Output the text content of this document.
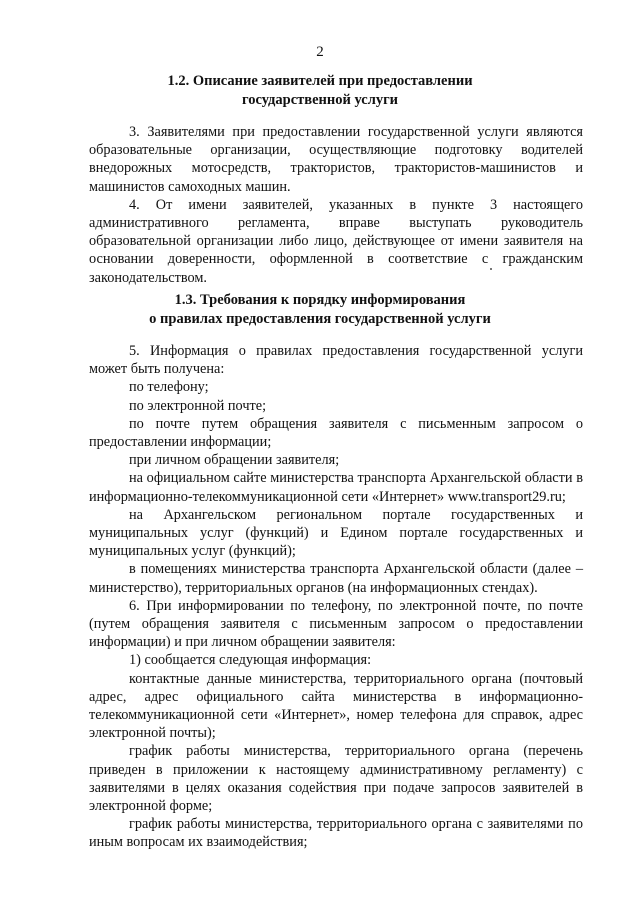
2
1.2. Описание заявителей при предоставлении
государственной услуги

3. Заявителями при предоставлении государственной услуги являются образовательные организации, осуществляющие подготовку водителей внедорожных мотосредств, трактористов, трактористов-машинистов и машинистов самоходных машин.

4. От имени заявителей, указанных в пункте 3 настоящего административного регламента, вправе выступать руководитель образовательной организации либо лицо, действующее от имени заявителя на основании доверенности, оформленной в соответствие с гражданским законодательством.

1.3. Требования к порядку информирования
о правилах предоставления государственной услуги

5. Информация о правилах предоставления государственной услуги может быть получена:

по телефону;

по электронной почте;

по почте путем обращения заявителя с письменным запросом о предоставлении информации;

при личном обращении заявителя;

на официальном сайте министерства транспорта Архангельской области в информационно-телекоммуникационной сети «Интернет» www.transport29.ru;

на Архангельском региональном портале государственных и муниципальных услуг (функций) и Едином портале государственных и муниципальных услуг (функций);

в помещениях министерства транспорта Архангельской области (далее – министерство), территориальных органов (на информационных стендах).

6. При информировании по телефону, по электронной почте, по почте (путем обращения заявителя с письменным запросом о предоставлении информации) и при личном обращении заявителя:

1) сообщается следующая информация:

контактные данные министерства, территориального органа (почтовый адрес, адрес официального сайта министерства в информационно-телекоммуникационной сети «Интернет», номер телефона для справок, адрес электронной почты);

график работы министерства, территориального органа (перечень приведен в приложении к настоящему административному регламенту) с заявителями в целях оказания содействия при подаче запросов заявителей в электронной форме;

график работы министерства, территориального органа с заявителями по иным вопросам их взаимодействия;
